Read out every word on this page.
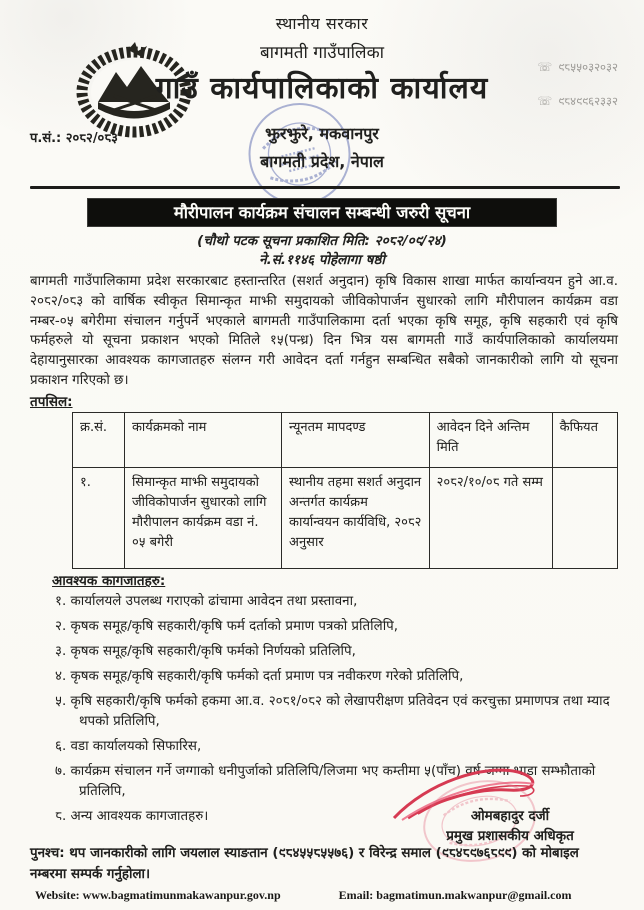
स्थानीय सरकार
बागमती गाउँपालिका
गाउँ कार्यपालिकाको कार्यालय
☏ ९८५५०३२०३२
☏ ९८४९९६२३३२
प.सं.: २०८२/०८३	झुरझुरे, मकवानपुर
बागमती प्रदेश, नेपाल
मौरीपालन कार्यक्रम संचालन सम्बन्धी जरुरी सूचना
(चौथो पटक सूचना प्रकाशित मिति: २०८२/०९/२४)
ने.सं.११४६ पोहेलागा षष्ठी
बागमती गाउँपालिकामा प्रदेश सरकारबाट हस्तान्तरित (सशर्त अनुदान) कृषि विकास शाखा मार्फत कार्यान्वयन हुने आ.व. २०८२/०८३ को वार्षिक स्वीकृत सिमान्कृत माझी समुदायको जीविकोपार्जन सुधारको लागि मौरीपालन कार्यक्रम वडा नम्बर-०५ बगेरीमा संचालन गर्नुपर्ने भएकाले बागमती गाउँपालिकामा दर्ता भएका कृषि समूह, कृषि सहकारी एवं कृषि फर्महरुले यो सूचना प्रकाशन भएको मितिले १५(पन्ध्र) दिन भित्र यस बागमती गाउँ कार्यपालिकाको कार्यालयमा देहायानुसारका आवश्यक कागजातहरु संलग्न गरी आवेदन दर्ता गर्नहुन सम्बन्धित सबैको जानकारीको लागि यो सूचना प्रकाशन गरिएको छ।
तपसिल:
क्र.सं.	कार्यक्रमको नाम	न्यूनतम मापदण्ड	आवेदन दिने अन्तिम मिति	कैफियत
१.	सिमान्कृत माझी समुदायको जीविकोपार्जन सुधारको लागि मौरीपालन कार्यक्रम वडा नं. ०५ बगेरी	स्थानीय तहमा सशर्त अनुदान अन्तर्गत कार्यक्रम कार्यान्वयन कार्यविधि, २०८२ अनुसार	२०८२/१०/०८ गते सम्म	
आवश्यक कागजातहरु:
१. कार्यालयले उपलब्ध गराएको ढांचामा आवेदन तथा प्रस्तावना,
२. कृषक समूह/कृषि सहकारी/कृषि फर्म दर्ताको प्रमाण पत्रको प्रतिलिपि,
३. कृषक समूह/कृषि सहकारी/कृषि फर्मको निर्णयको प्रतिलिपि,
४. कृषक समूह/कृषि सहकारी/कृषि फर्मको दर्ता प्रमाण पत्र नवीकरण गरेको प्रतिलिपि,
५. कृषि सहकारी/कृषि फर्मको हकमा आ.व. २०८१/०८२ को लेखापरीक्षण प्रतिवेदन एवं करचुक्ता प्रमाणपत्र तथा म्याद थपको प्रतिलिपि,
६. वडा कार्यालयको सिफारिस,
७. कार्यक्रम संचालन गर्ने जग्गाको धनीपुर्जाको प्रतिलिपि/लिजमा भए कम्तीमा ५(पाँच) वर्ष जग्गा भाडा सम्झौताको प्रतिलिपि,
८. अन्य आवश्यक कागजातहरु।	ओमबहादुर दर्जी
प्रमुख प्रशासकीय अधिकृत
पुनश्च: थप जानकारीको लागि जयलाल स्याङतान (९८४५५८५५७६) र विरेन्द्र समाल (९८४८९७६८९९) को मोबाइल नम्बरमा सम्पर्क गर्नुहोला।
Website: www.bagmatimunmakawanpur.gov.np	Email: bagmatimun.makwanpur@gmail.com
